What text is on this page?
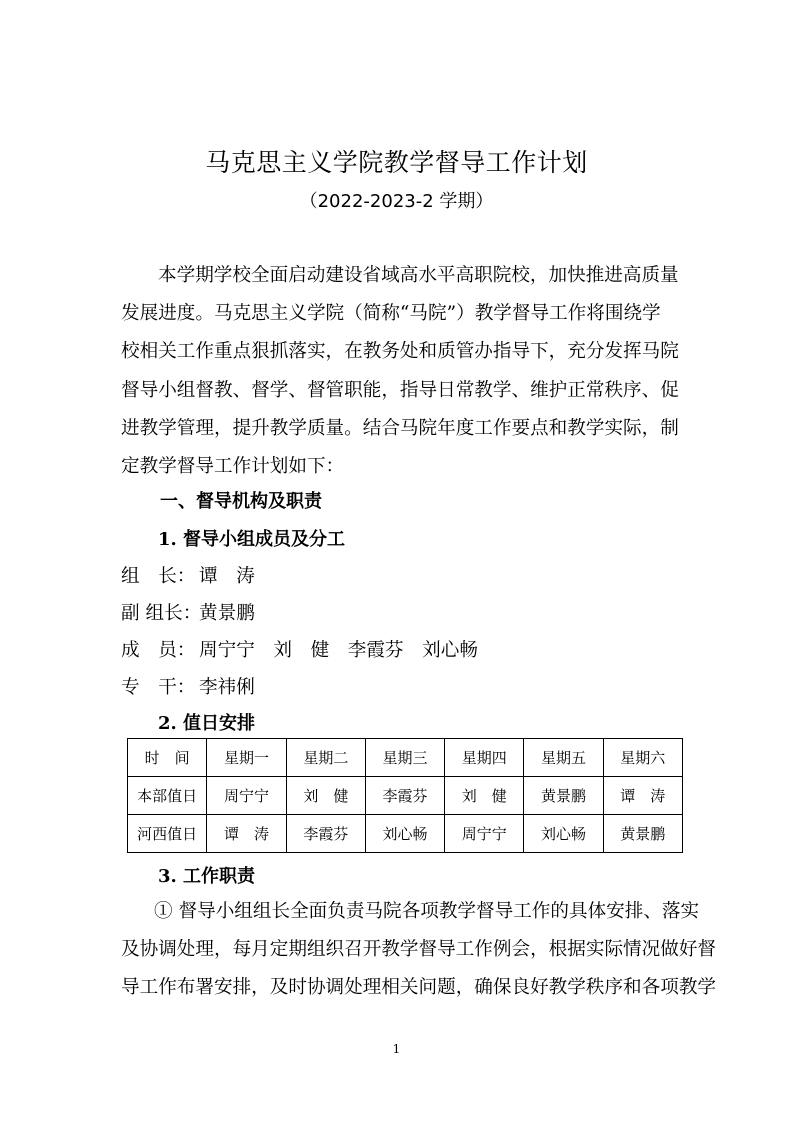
马克思主义学院教学督导工作计划
（2022-2023-2 学期）
本学期学校全面启动建设省域高水平高职院校，加快推进高质量
发展进度。马克思主义学院（简称“马院”）教学督导工作将围绕学
校相关工作重点狠抓落实，在教务处和质管办指导下，充分发挥马院
督导小组督教、督学、督管职能，指导日常教学、维护正常秩序、促
进教学管理，提升教学质量。结合马院年度工作要点和教学实际，制
定教学督导工作计划如下：
一、督导机构及职责
1. 督导小组成员及分工
组　长： 谭　涛
副 组长：黄景鹏
成　员： 周宁宁　刘　健　李霞芬　刘心畅
专　干： 李祎俐
2. 值日安排
时　间	星期一	星期二	星期三	星期四	星期五	星期六
本部值日	周宁宁	刘　健	李霞芬	刘　健	黄景鹏	谭　涛
河西值日	谭　涛	李霞芬	刘心畅	周宁宁	刘心畅	黄景鹏
3. 工作职责
① 督导小组组长全面负责马院各项教学督导工作的具体安排、落实
及协调处理，每月定期组织召开教学督导工作例会，根据实际情况做好督
导工作布署安排，及时协调处理相关问题，确保良好教学秩序和各项教学
1
